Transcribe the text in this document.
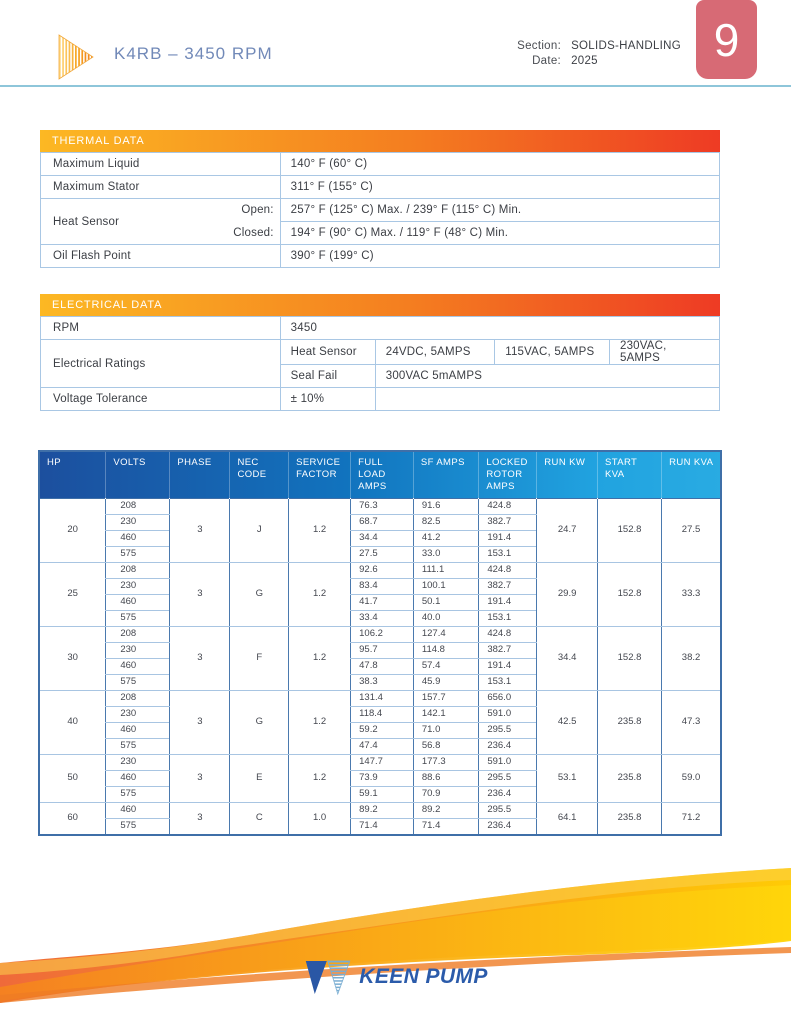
K4RB – 3450 RPM	Section: SOLIDS-HANDLING
Date: 2025	9
THERMAL DATA
Maximum Liquid		140° F (60° C)
Maximum Stator		311° F (155° C)
Heat Sensor	Open:	257° F (125° C) Max. / 239° F (115° C) Min.
	Closed:	194° F (90° C) Max. / 119° F (48° C) Min.
Oil Flash Point		390° F (199° C)
ELECTRICAL DATA
RPM	3450			
Electrical Ratings	Heat Sensor	24VDC, 5AMPS	115VAC, 5AMPS	230VAC, 5AMPS
	Seal Fail	300VAC 5mAMPS		
Voltage Tolerance	± 10%			
HP	VOLTS	PHASE	NEC CODE	SERVICE FACTOR	FULL LOAD AMPS	SF AMPS	LOCKED ROTOR AMPS	RUN KW	START KVA	RUN KVA
20	208	3	J	1.2	76.3	91.6	424.8	24.7	152.8	27.5
	230				68.7	82.5	382.7			
	460				34.4	41.2	191.4			
	575				27.5	33.0	153.1			
25	208	3	G	1.2	92.6	111.1	424.8	29.9	152.8	33.3
	230				83.4	100.1	382.7			
	460				41.7	50.1	191.4			
	575				33.4	40.0	153.1			
30	208	3	F	1.2	106.2	127.4	424.8	34.4	152.8	38.2
	230				95.7	114.8	382.7			
	460				47.8	57.4	191.4			
	575				38.3	45.9	153.1			
40	208	3	G	1.2	131.4	157.7	656.0	42.5	235.8	47.3
	230				118.4	142.1	591.0			
	460				59.2	71.0	295.5			
	575				47.4	56.8	236.4			
50	230	3	E	1.2	147.7	177.3	591.0	53.1	235.8	59.0
	460				73.9	88.6	295.5			
	575				59.1	70.9	236.4			
60	460	3	C	1.0	89.2	89.2	295.5	64.1	235.8	71.2
	575				71.4	71.4	236.4			
KEEN PUMP
